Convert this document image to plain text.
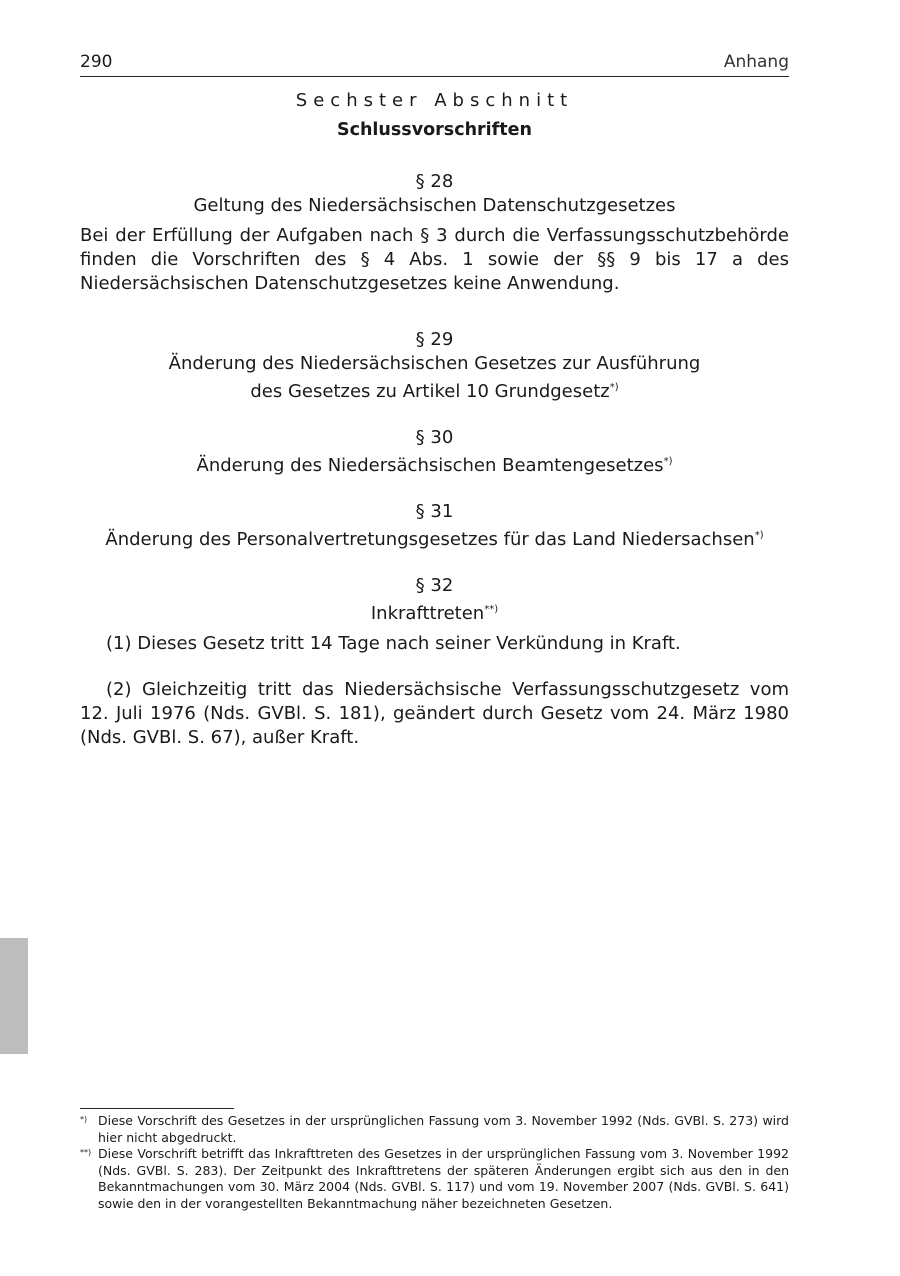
290	Anhang

Sechster Abschnitt

Schlussvorschriften

§ 28

Geltung des Niedersächsischen Datenschutzgesetzes

Bei der Erfüllung der Aufgaben nach § 3 durch die Verfassungsschutzbehörde finden die Vorschriften des § 4 Abs. 1 sowie der §§ 9 bis 17 a des Niedersächsischen Datenschutzgesetzes keine Anwendung.

§ 29

Änderung des Niedersächsischen Gesetzes zur Ausführung

des Gesetzes zu Artikel 10 Grundgesetz*)

§ 30

Änderung des Niedersächsischen Beamtengesetzes*)

§ 31

Änderung des Personalvertretungsgesetzes für das Land Niedersachsen*)

§ 32

Inkrafttreten**)

(1) Dieses Gesetz tritt 14 Tage nach seiner Verkündung in Kraft.

(2) Gleichzeitig tritt das Niedersächsische Verfassungsschutzgesetz vom 12. Juli 1976 (Nds. GVBl. S. 181), geändert durch Gesetz vom 24. März 1980 (Nds. GVBl. S. 67), außer Kraft.

*) Diese Vorschrift des Gesetzes in der ursprünglichen Fassung vom 3. November 1992 (Nds. GVBl. S. 273) wird hier nicht abgedruckt.

**) Diese Vorschrift betrifft das Inkrafttreten des Gesetzes in der ursprünglichen Fassung vom 3. November 1992 (Nds. GVBl. S. 283). Der Zeitpunkt des Inkrafttretens der späteren Änderungen ergibt sich aus den in den Bekanntmachungen vom 30. März 2004 (Nds. GVBl. S. 117) und vom 19. November 2007 (Nds. GVBl. S. 641) sowie den in der vorangestellten Bekanntmachung näher bezeichneten Gesetzen.
